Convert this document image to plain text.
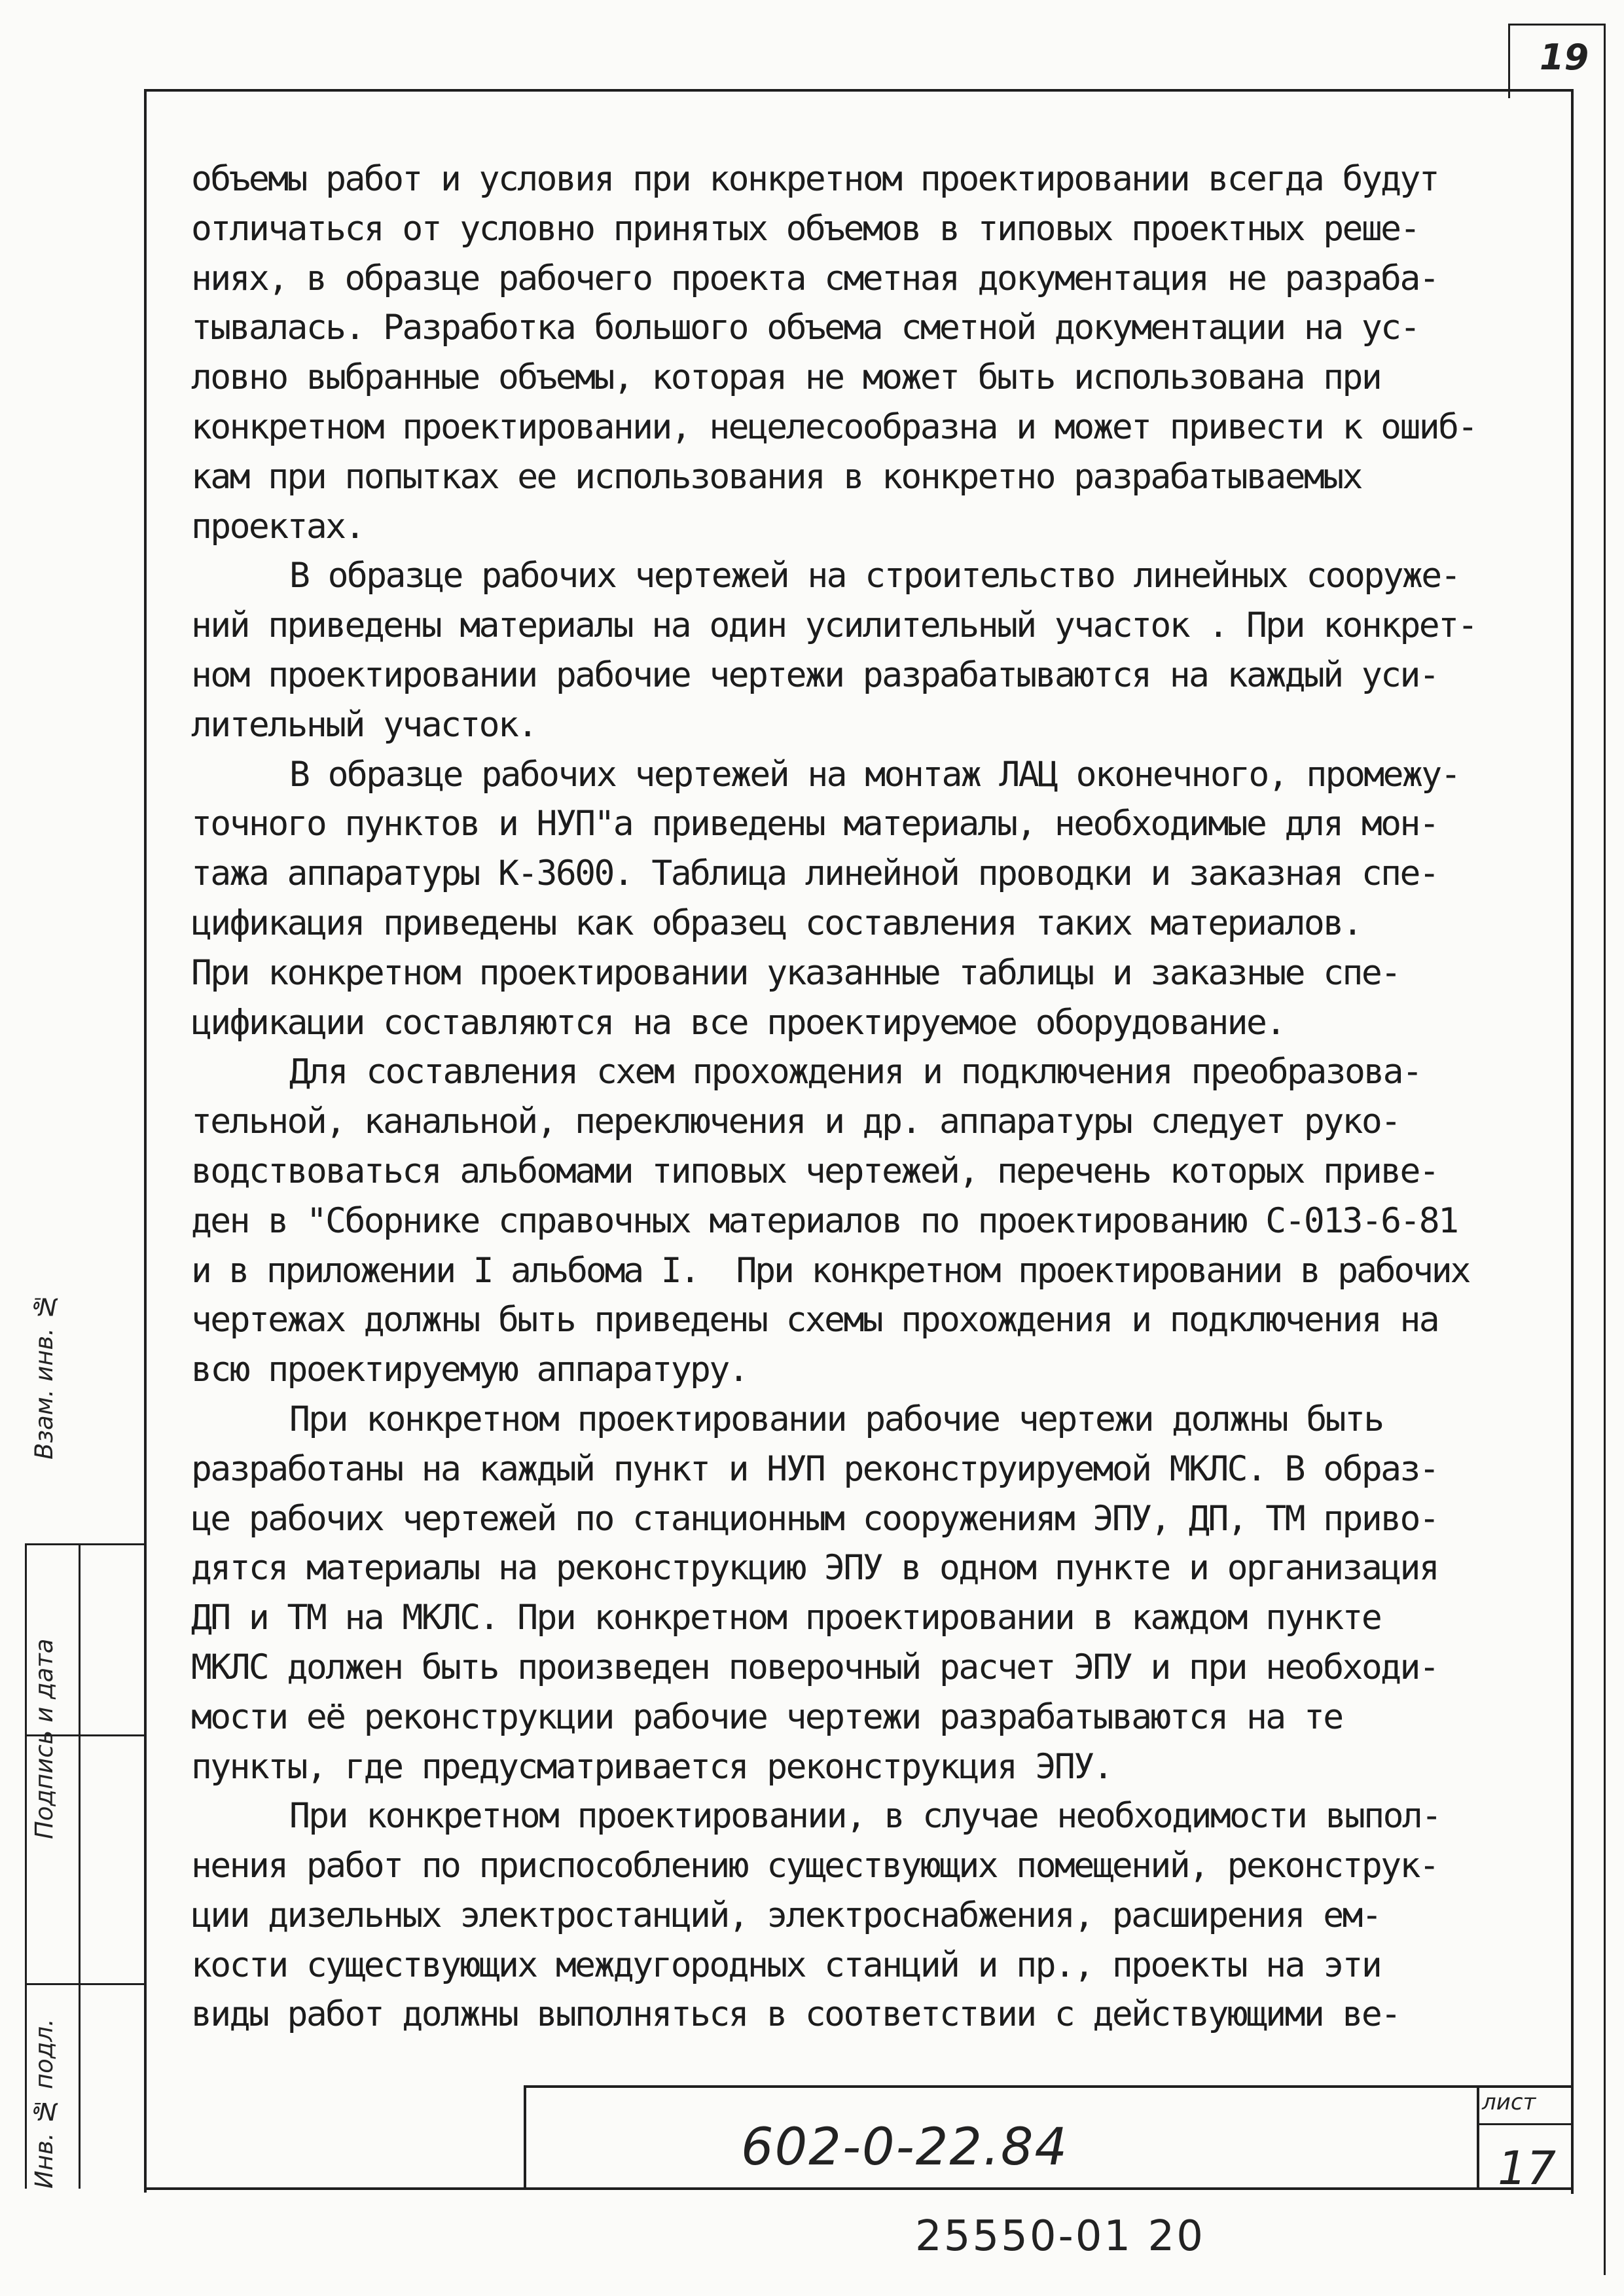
19
объемы работ и условия при конкретном проектировании всегда будут
отличаться от условно принятых объемов в типовых проектных реше-
ниях, в образце рабочего проекта сметная документация не разраба-
тывалась. Разработка большого объема сметной документации на ус-
ловно выбранные объемы, которая не может быть использована при
конкретном проектировании, нецелесообразна и может привести к ошиб-
кам при попытках ее использования в конкретно разрабатываемых
проектах.
В образце рабочих чертежей на строительство линейных сооруже-
ний приведены материалы на один усилительный участок . При конкрет-
ном проектировании рабочие чертежи разрабатываются на каждый уси-
лительный участок.
В образце рабочих чертежей на монтаж ЛАЦ оконечного, промежу-
точного пунктов и НУП"а приведены материалы, необходимые для мон-
тажа аппаратуры К-3600. Таблица линейной проводки и заказная спе-
цификация приведены как образец составления таких материалов.
При конкретном проектировании указанные таблицы и заказные спе-
цификации составляются на все проектируемое оборудование.
Для составления схем прохождения и подключения преобразова-
тельной, канальной, переключения и др. аппаратуры следует руко-
водствоваться альбомами типовых чертежей, перечень которых приве-
ден в "Сборнике справочных материалов по проектированию С-013-6-81
и в приложении I альбома I.  При конкретном проектировании в рабочих
чертежах должны быть приведены схемы прохождения и подключения на
всю проектируемую аппаратуру.
При конкретном проектировании рабочие чертежи должны быть
разработаны на каждый пункт и НУП реконструируемой МКЛС. В образ-
це рабочих чертежей по станционным сооружениям ЭПУ, ДП, ТМ приво-
дятся материалы на реконструкцию ЭПУ в одном пункте и организация
ДП и ТМ на МКЛС. При конкретном проектировании в каждом пункте
МКЛС должен быть произведен поверочный расчет ЭПУ и при необходи-
мости её реконструкции рабочие чертежи разрабатываются на те
пункты, где предусматривается реконструкция ЭПУ.
При конкретном проектировании, в случае необходимости выпол-
нения работ по приспособлению существующих помещений, реконструк-
ции дизельных электростанций, электроснабжения, расширения ем-
кости существующих междугородных станций и пр., проекты на эти
виды работ должны выполняться в соответствии с действующими ве-
602-0-22.84
лист
17
25550-01 20
Инв. № подл. Подпись и дата Взам. инв. №
